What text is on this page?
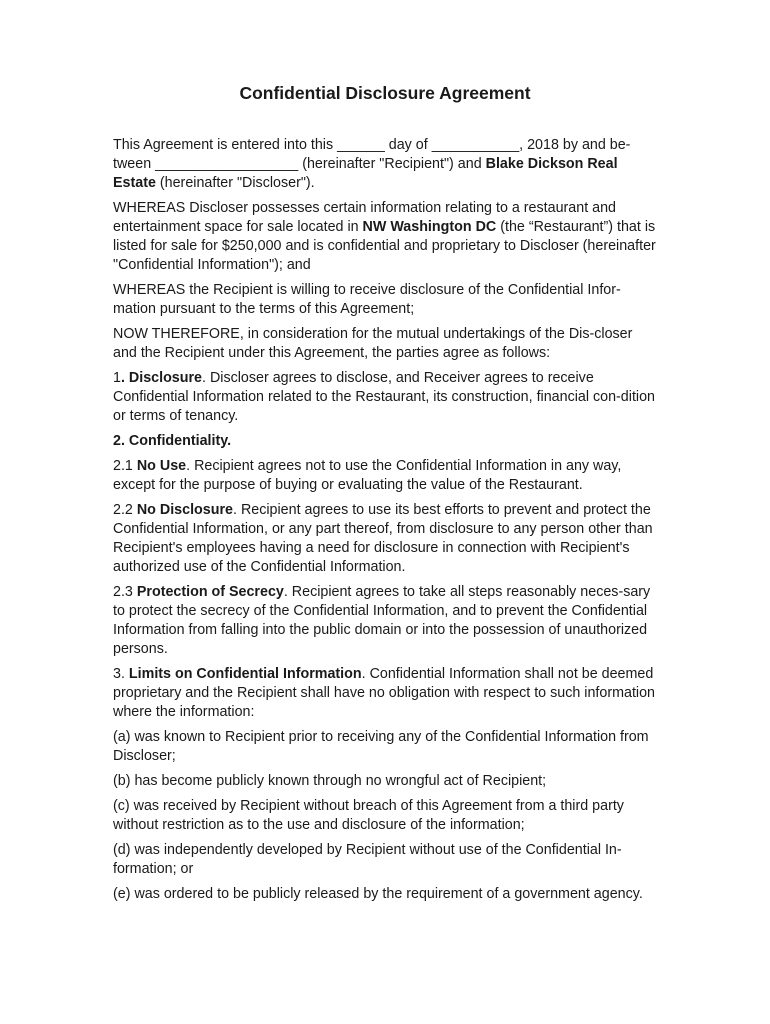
Confidential Disclosure Agreement

This Agreement is entered into this ______ day of ___________, 2018 by and be-tween __________________ (hereinafter "Recipient") and Blake Dickson Real Estate (hereinafter "Discloser").

WHEREAS Discloser possesses certain information relating to a restaurant and entertainment space for sale located in NW Washington DC (the “Restaurant”) that is listed for sale for $250,000 and is confidential and proprietary to Discloser (hereinafter "Confidential Information"); and

WHEREAS the Recipient is willing to receive disclosure of the Confidential Infor-mation pursuant to the terms of this Agreement;

NOW THEREFORE, in consideration for the mutual undertakings of the Dis-closer and the Recipient under this Agreement, the parties agree as follows:

1. Disclosure. Discloser agrees to disclose, and Receiver agrees to receive Confidential Information related to the Restaurant, its construction, financial con-dition or terms of tenancy.

2. Confidentiality.

2.1 No Use. Recipient agrees not to use the Confidential Information in any way, except for the purpose of buying or evaluating the value of the Restaurant.

2.2 No Disclosure. Recipient agrees to use its best efforts to prevent and protect the Confidential Information, or any part thereof, from disclosure to any person other than Recipient's employees having a need for disclosure in connection with Recipient's authorized use of the Confidential Information.

2.3 Protection of Secrecy. Recipient agrees to take all steps reasonably neces-sary to protect the secrecy of the Confidential Information, and to prevent the Confidential Information from falling into the public domain or into the possession of unauthorized persons.

3. Limits on Confidential Information. Confidential Information shall not be deemed proprietary and the Recipient shall have no obligation with respect to such information where the information:

(a) was known to Recipient prior to receiving any of the Confidential Information from Discloser;

(b) has become publicly known through no wrongful act of Recipient;

(c) was received by Recipient without breach of this Agreement from a third party without restriction as to the use and disclosure of the information;

(d) was independently developed by Recipient without use of the Confidential In-formation; or

(e) was ordered to be publicly released by the requirement of a government agency.
